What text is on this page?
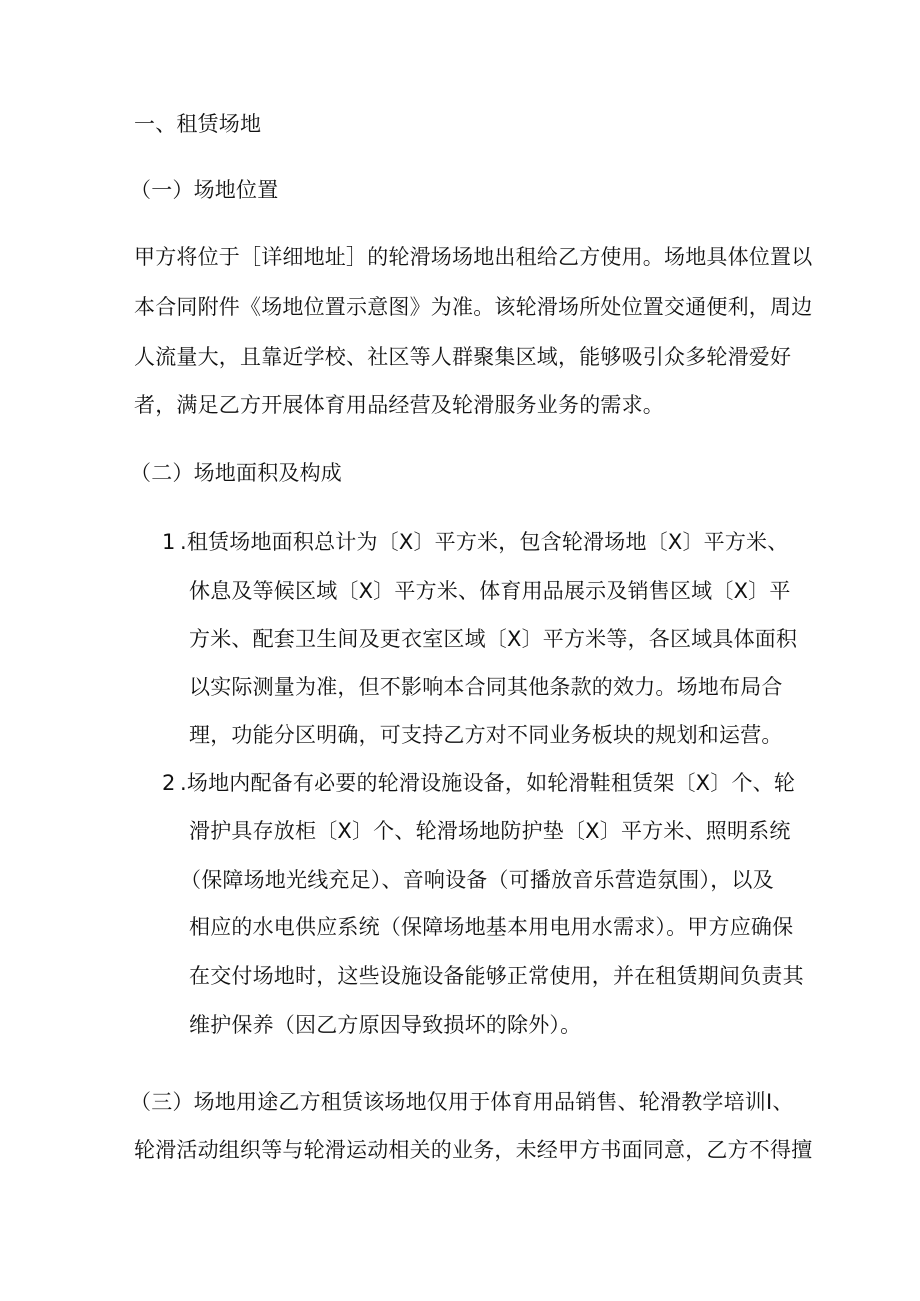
一、租赁场地
（一）场地位置
甲方将位于［详细地址］的轮滑场场地出租给乙方使用。场地具体位置以
本合同附件《场地位置示意图》为准。该轮滑场所处位置交通便利，周边
人流量大，且靠近学校、社区等人群聚集区域，能够吸引众多轮滑爱好
者，满足乙方开展体育用品经营及轮滑服务业务的需求。
（二）场地面积及构成
1 .租赁场地面积总计为〔X〕平方米，包含轮滑场地〔X〕平方米、
休息及等候区域〔X〕平方米、体育用品展示及销售区域〔X〕平
方米、配套卫生间及更衣室区域〔X〕平方米等，各区域具体面积
以实际测量为准，但不影响本合同其他条款的效力。场地布局合
理，功能分区明确，可支持乙方对不同业务板块的规划和运营。
2 .场地内配备有必要的轮滑设施设备，如轮滑鞋租赁架〔X〕个、轮
滑护具存放柜〔X〕个、轮滑场地防护垫〔X〕平方米、照明系统
（保障场地光线充足）、音响设备（可播放音乐营造氛围），以及
相应的水电供应系统（保障场地基本用电用水需求）。甲方应确保
在交付场地时，这些设施设备能够正常使用，并在租赁期间负责其
维护保养（因乙方原因导致损坏的除外）。
（三）场地用途乙方租赁该场地仅用于体育用品销售、轮滑教学培训I、
轮滑活动组织等与轮滑运动相关的业务，未经甲方书面同意，乙方不得擅
